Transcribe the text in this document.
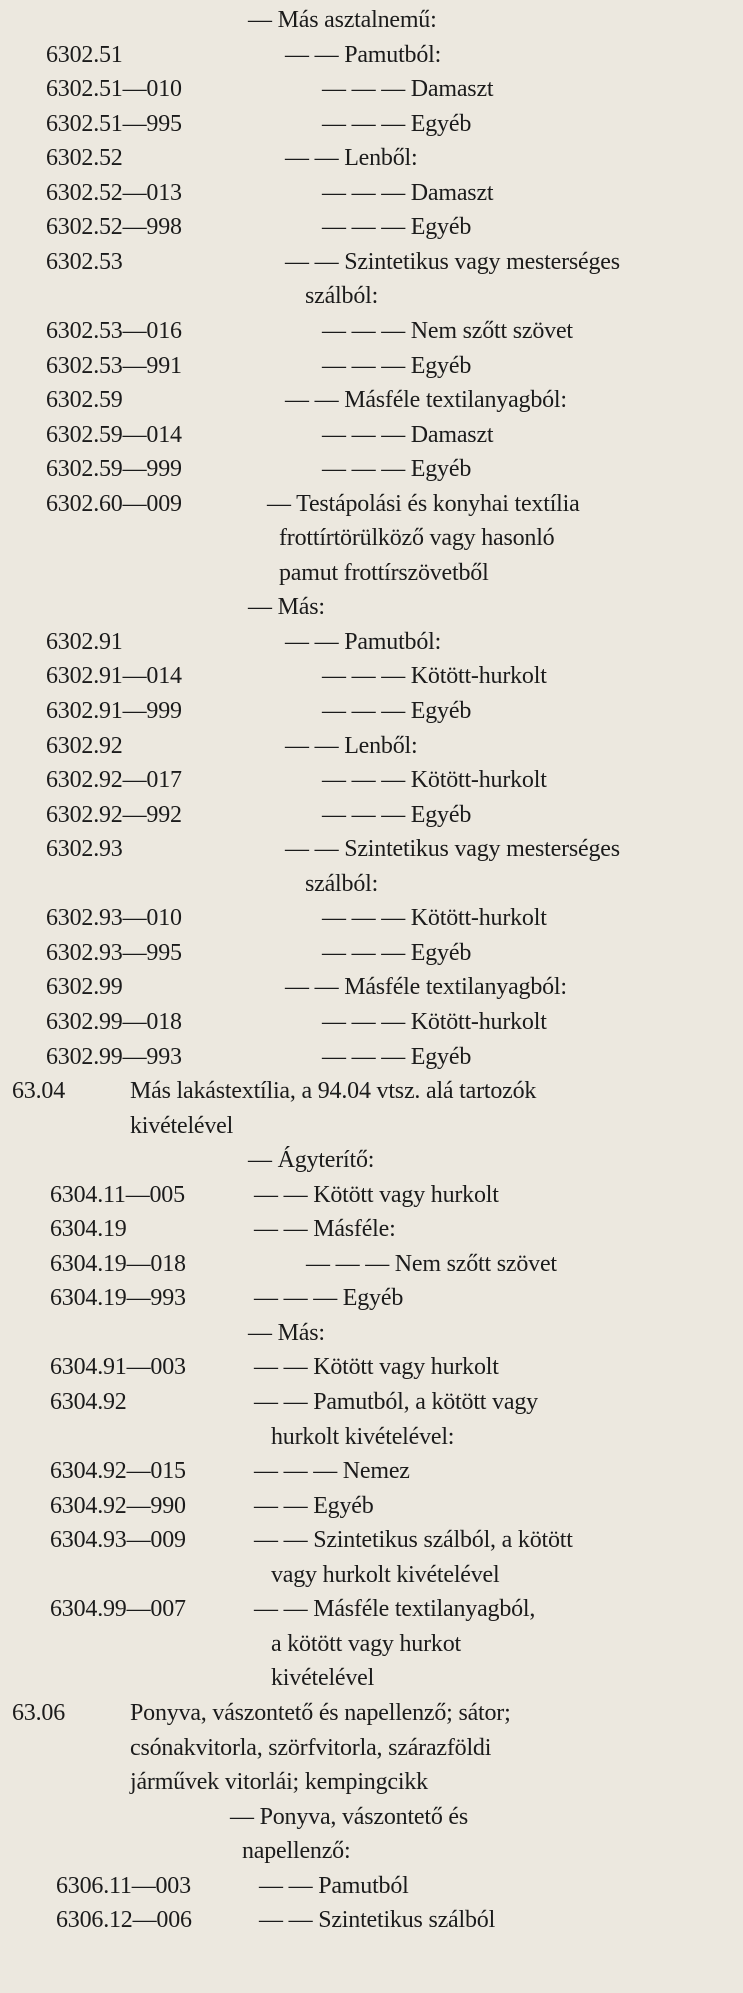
— Más asztalnemű:
6302.51	— — Pamutból:
6302.51—010	— — — Damaszt
6302.51—995	— — — Egyéb
6302.52	— — Lenből:
6302.52—013	— — — Damaszt
6302.52—998	— — — Egyéb
6302.53	— — Szintetikus vagy mesterséges
szálból:
6302.53—016	— — — Nem szőtt szövet
6302.53—991	— — — Egyéb
6302.59	— — Másféle textilanyagból:
6302.59—014	— — — Damaszt
6302.59—999	— — — Egyéb
6302.60—009	— Testápolási és konyhai textília
frottírtörülköző vagy hasonló
pamut frottírszövetből
— Más:
6302.91	— — Pamutból:
6302.91—014	— — — Kötött-hurkolt
6302.91—999	— — — Egyéb
6302.92	— — Lenből:
6302.92—017	— — — Kötött-hurkolt
6302.92—992	— — — Egyéb
6302.93	— — Szintetikus vagy mesterséges
szálból:
6302.93—010	— — — Kötött-hurkolt
6302.93—995	— — — Egyéb
6302.99	— — Másféle textilanyagból:
6302.99—018	— — — Kötött-hurkolt
6302.99—993	— — — Egyéb
63.04	Más lakástextília, a 94.04 vtsz. alá tartozók
kivételével
— Ágyterítő:
6304.11—005	— — Kötött vagy hurkolt
6304.19	— — Másféle:
6304.19—018	— — — Nem szőtt szövet
6304.19—993	— — — Egyéb
— Más:
6304.91—003	— — Kötött vagy hurkolt
6304.92	— — Pamutból, a kötött vagy
hurkolt kivételével:
6304.92—015	— — — Nemez
6304.92—990	— — Egyéb
6304.93—009	— — Szintetikus szálból, a kötött
vagy hurkolt kivételével
6304.99—007	— — Másféle textilanyagból,
a kötött vagy hurkot
kivételével
63.06	Ponyva, vászontető és napellenző; sátor;
csónakvitorla, szörfvitorla, szárazföldi
járművek vitorlái; kempingcikk
— Ponyva, vászontető és
napellenző:
6306.11—003	— — Pamutból
6306.12—006	— — Szintetikus szálból
